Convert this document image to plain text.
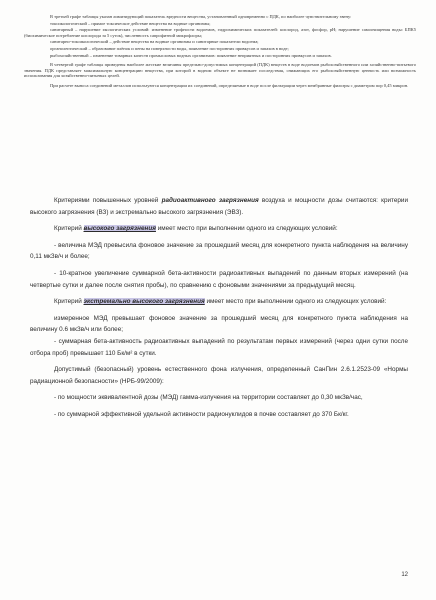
В третьей графе таблицы указан лимитирующий показатель вредности вещества, установленный одновременно с ПДК, по наиболее чувствительному звену:

токсикологический – прямое токсическое действие вещества на водные организмы;

санитарный – нарушение экологических условий: изменение трофности водоемов, гидрохимических показателей: кислород, азот, фосфор, pH; нарушение самоочищения воды: БПК5 (биохимическое потребление кислорода за 5 суток), численность сапрофитной микрофлоры;

санитарно-токсикологический – действие вещества на водные организмы и санитарные показатели водоема;

органолептический – образование плёнок и пены на поверхности воды, появление посторонних привкусов и запахов в воде;

рыбохозяйственный – изменение товарных качеств промысловых водных организмов: появление неприятных и посторонних привкусов и запахов.

В четвертой графе таблицы приведены наиболее жесткие величины предельно-допустимых концентраций (ПДК) веществ в воде водоемов рыбохозяйственного или хозяйственно-питьевого значения. ПДК представляет максимальную концентрацию вещества, при которой в водном объекте не возникает последствия, снижающих его рыбохозяйственную ценность или возможность использования для хозяйственно-питьевых целей.

При расчете выноса соединений металлов используются концентрации их соединений, определяемые в воде после фильтрации через мембранные фильтры с диаметром пор 0,45 микрон.

Критериями повышенных уровней радиоактивного загрязнения воздуха и мощности дозы считаются: критерии высокого загрязнения (ВЗ) и экстремально высокого загрязнения (ЭВЗ).

Критерий высокого загрязнения имеет место при выполнении одного из следующих условий:

- величина МЭД превысила фоновое значение за прошедший месяц для конкретного пункта наблюдения на величину 0,11 мкЗв/ч и более;

- 10-кратное увеличение суммарной бета-активности радиоактивных выпадений по данным вторых измерений (на четвертые сутки и далее после снятия пробы), по сравнению с фоновыми значениями за предыдущий месяц.

Критерий экстремально высокого загрязнения имеет место при выполнении одного из следующих условий:

измеренное МЭД превышает фоновое значение за прошедший месяц для конкретного пункта наблюдения на величину 0.6 мкЗв/ч или более;

- суммарная бета-активность радиоактивных выпадений по результатам первых измерений (через одни сутки после отбора проб) превышает 110 Бк/м² в сутки.

Допустимый (безопасный) уровень естественного фона излучения, определенный СанПин 2.6.1.2523-09 «Нормы радиационной безопасности» (НРБ-99/2009):

- по мощности эквивалентной дозы (МЭД) гамма-излучения на территории составляет до 0,30 мкЗв/час,

- по суммарной эффективной удельной активности радионуклидов в почве составляет до 370 Бк/кг.

12
